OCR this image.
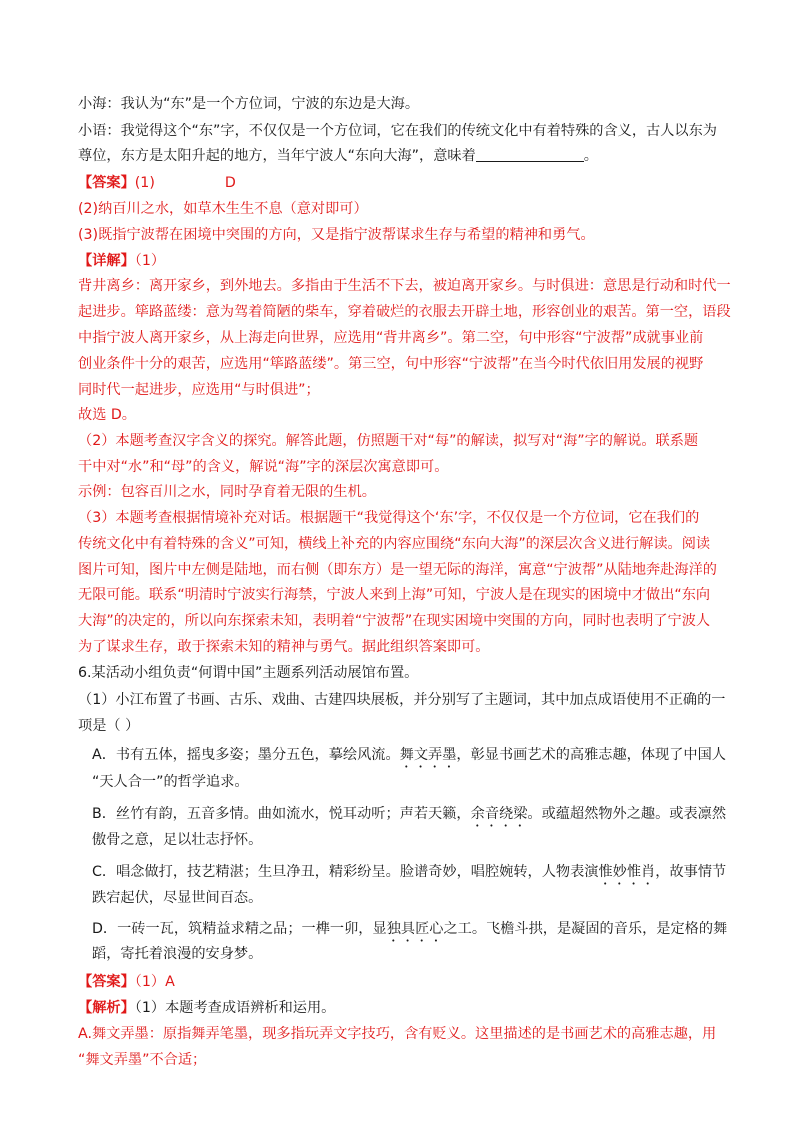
小海：我认为“东”是一个方位词，宁波的东边是大海。
小语：我觉得这个“东”字，不仅仅是一个方位词，它在我们的传统文化中有着特殊的含义，古人以东为
尊位，东方是太阳升起的地方，当年宁波人“东向大海”，意味着	。
【答案】(1)	D
(2)纳百川之水，如草木生生不息（意对即可）
(3)既指宁波帮在困境中突围的方向，又是指宁波帮谋求生存与希望的精神和勇气。
【详解】（1）
背井离乡：离开家乡，到外地去。多指由于生活不下去，被迫离开家乡。与时俱进：意思是行动和时代一
起进步。筚路蓝缕：意为驾着简陋的柴车，穿着破烂的衣服去开辟土地，形容创业的艰苦。第一空，语段
中指宁波人离开家乡，从上海走向世界，应选用“背井离乡”。第二空，句中形容“宁波帮”成就事业前
创业条件十分的艰苦，应选用“筚路蓝缕”。第三空，句中形容“宁波帮”在当今时代依旧用发展的视野
同时代一起进步，应选用“与时俱进”；
故选 D。
（2）本题考查汉字含义的探究。解答此题，仿照题干对“每”的解读，拟写对“海”字的解说。联系题
干中对“水”和“母”的含义，解说“海”字的深层次寓意即可。
示例：包容百川之水，同时孕育着无限的生机。
（3）本题考查根据情境补充对话。根据题干“我觉得这个‘东’字，不仅仅是一个方位词，它在我们的
传统文化中有着特殊的含义”可知，横线上补充的内容应围绕“东向大海”的深层次含义进行解读。阅读
图片可知，图片中左侧是陆地，而右侧（即东方）是一望无际的海洋，寓意“宁波帮”从陆地奔赴海洋的
无限可能。联系“明清时宁波实行海禁，宁波人来到上海”可知，宁波人是在现实的困境中才做出“东向
大海”的决定的，所以向东探索未知，表明着“宁波帮”在现实困境中突围的方向，同时也表明了宁波人
为了谋求生存，敢于探索未知的精神与勇气。据此组织答案即可。
6.某活动小组负责“何谓中国”主题系列活动展馆布置。
（1）小江布置了书画、古乐、戏曲、古建四块展板，并分别写了主题词，其中加点成语使用不正确的一
项是（ ）
A．书有五体，摇曳多姿；墨分五色，摹绘风流。舞文弄墨，彰显书画艺术的高雅志趣，体现了中国人
“天人合一”的哲学追求。
B．丝竹有韵，五音多情。曲如流水，悦耳动听；声若天籁，余音绕梁。或蕴超然物外之趣。或表凛然
傲骨之意，足以壮志抒怀。
C．唱念做打，技艺精湛；生旦净丑，精彩纷呈。脸谱奇妙，唱腔婉转，人物表演惟妙惟肖，故事情节
跌宕起伏，尽显世间百态。
D．一砖一瓦，筑精益求精之品；一榫一卯，显独具匠心之工。飞檐斗拱，是凝固的音乐，是定格的舞
蹈，寄托着浪漫的安身梦。
【答案】（1）A
【解析】（1）本题考查成语辨析和运用。
A.舞文弄墨：原指舞弄笔墨，现多指玩弄文字技巧，含有贬义。这里描述的是书画艺术的高雅志趣，用
“舞文弄墨”不合适；
